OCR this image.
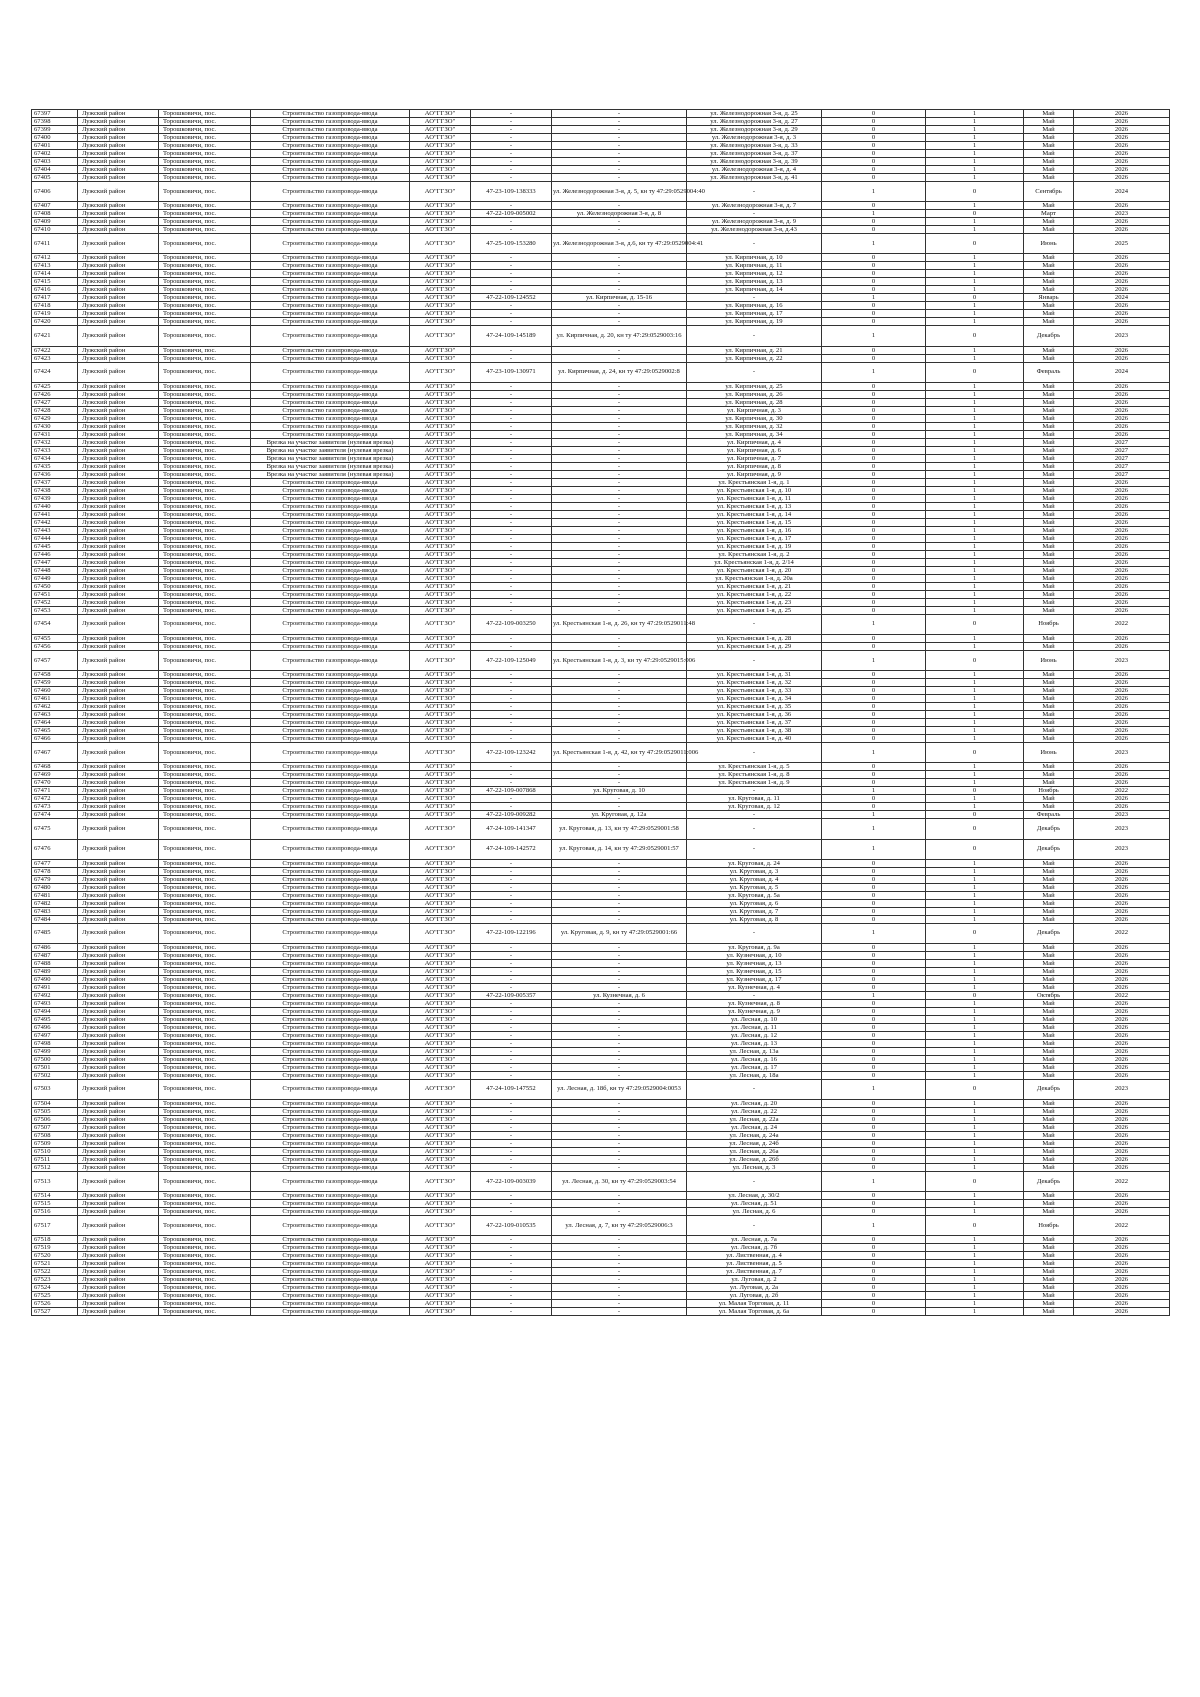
67397	Лужский район	Торошковичи, пос.	Строительство газопровода-ввода	АО"ГГЗО"	-	-	ул. Железнодорожная 3-я, д. 25	0	1	Май	2026
67398	Лужский район	Торошковичи, пос.	Строительство газопровода-ввода	АО"ГГЗО"	-	-	ул. Железнодорожная 3-я, д. 27	0	1	Май	2026
67399	Лужский район	Торошковичи, пос.	Строительство газопровода-ввода	АО"ГГЗО"	-	-	ул. Железнодорожная 3-я, д. 29	0	1	Май	2026
67400	Лужский район	Торошковичи, пос.	Строительство газопровода-ввода	АО"ГГЗО"	-	-	ул. Железнодорожная 3-я, д. 3	0	1	Май	2026
67401	Лужский район	Торошковичи, пос.	Строительство газопровода-ввода	АО"ГГЗО"	-	-	ул. Железнодорожная 3-я, д. 33	0	1	Май	2026
67402	Лужский район	Торошковичи, пос.	Строительство газопровода-ввода	АО"ГГЗО"	-	-	ул. Железнодорожная 3-я, д. 37	0	1	Май	2026
67403	Лужский район	Торошковичи, пос.	Строительство газопровода-ввода	АО"ГГЗО"	-	-	ул. Железнодорожная 3-я, д. 39	0	1	Май	2026
67404	Лужский район	Торошковичи, пос.	Строительство газопровода-ввода	АО"ГГЗО"	-	-	ул. Железнодорожная 3-я, д. 4	0	1	Май	2026
67405	Лужский район	Торошковичи, пос.	Строительство газопровода-ввода	АО"ГГЗО"	-	-	ул. Железнодорожная 3-я, д. 41	0	1	Май	2026
67406	Лужский район	Торошковичи, пос.	Строительство газопровода-ввода	АО"ГГЗО"	47-23-109-138333	ул. Железнодорожная 3-я, д. 5, кн ту 47:29:0529004:40	-	1	0	Сентябрь	2024
67407	Лужский район	Торошковичи, пос.	Строительство газопровода-ввода	АО"ГГЗО"	-	-	ул. Железнодорожная 3-я, д. 7	0	1	Май	2026
67408	Лужский район	Торошковичи, пос.	Строительство газопровода-ввода	АО"ГГЗО"	47-22-109-005002	ул. Железнодорожная 3-я, д. 8	-	1	0	Март	2023
67409	Лужский район	Торошковичи, пос.	Строительство газопровода-ввода	АО"ГГЗО"	-	-	ул. Железнодорожная 3-я, д. 9	0	1	Май	2026
67410	Лужский район	Торошковичи, пос.	Строительство газопровода-ввода	АО"ГГЗО"	-	-	ул. Железнодорожная 3-я, д.43	0	1	Май	2026
67411	Лужский район	Торошковичи, пос.	Строительство газопровода-ввода	АО"ГГЗО"	47-25-109-153280	ул. Железнодорожная 3-я, д.6, кн ту 47:29:0529004:41	-	1	0	Июнь	2025
67412	Лужский район	Торошковичи, пос.	Строительство газопровода-ввода	АО"ГГЗО"	-	-	ул. Кирпичная, д. 10	0	1	Май	2026
67413	Лужский район	Торошковичи, пос.	Строительство газопровода-ввода	АО"ГГЗО"	-	-	ул. Кирпичная, д. 11	0	1	Май	2026
67414	Лужский район	Торошковичи, пос.	Строительство газопровода-ввода	АО"ГГЗО"	-	-	ул. Кирпичная, д. 12	0	1	Май	2026
67415	Лужский район	Торошковичи, пос.	Строительство газопровода-ввода	АО"ГГЗО"	-	-	ул. Кирпичная, д. 13	0	1	Май	2026
67416	Лужский район	Торошковичи, пос.	Строительство газопровода-ввода	АО"ГГЗО"	-	-	ул. Кирпичная, д. 14	0	1	Май	2026
67417	Лужский район	Торошковичи, пос.	Строительство газопровода-ввода	АО"ГГЗО"	47-22-109-124552	ул. Кирпичная, д. 15-16	-	1	0	Январь	2024
67418	Лужский район	Торошковичи, пос.	Строительство газопровода-ввода	АО"ГГЗО"	-	-	ул. Кирпичная, д. 16	0	1	Май	2026
67419	Лужский район	Торошковичи, пос.	Строительство газопровода-ввода	АО"ГГЗО"	-	-	ул. Кирпичная, д. 17	0	1	Май	2026
67420	Лужский район	Торошковичи, пос.	Строительство газопровода-ввода	АО"ГГЗО"	-	-	ул. Кирпичная, д. 19	0	1	Май	2026
67421	Лужский район	Торошковичи, пос.	Строительство газопровода-ввода	АО"ГГЗО"	47-24-109-145189	ул. Кирпичная, д. 20, кн ту 47:29:0529003:16	-	1	0	Декабрь	2023
67422	Лужский район	Торошковичи, пос.	Строительство газопровода-ввода	АО"ГГЗО"	-	-	ул. Кирпичная, д. 21	0	1	Май	2026
67423	Лужский район	Торошковичи, пос.	Строительство газопровода-ввода	АО"ГГЗО"	-	-	ул. Кирпичная, д. 22	0	1	Май	2026
67424	Лужский район	Торошковичи, пос.	Строительство газопровода-ввода	АО"ГГЗО"	47-23-109-130971	ул. Кирпичная, д. 24, кн ту 47:29:0529002:8	-	1	0	Февраль	2024
67425	Лужский район	Торошковичи, пос.	Строительство газопровода-ввода	АО"ГГЗО"	-	-	ул. Кирпичная, д. 25	0	1	Май	2026
67426	Лужский район	Торошковичи, пос.	Строительство газопровода-ввода	АО"ГГЗО"	-	-	ул. Кирпичная, д. 26	0	1	Май	2026
67427	Лужский район	Торошковичи, пос.	Строительство газопровода-ввода	АО"ГГЗО"	-	-	ул. Кирпичная, д. 28	0	1	Май	2026
67428	Лужский район	Торошковичи, пос.	Строительство газопровода-ввода	АО"ГГЗО"	-	-	ул. Кирпичная, д. 3	0	1	Май	2026
67429	Лужский район	Торошковичи, пос.	Строительство газопровода-ввода	АО"ГГЗО"	-	-	ул. Кирпичная, д. 30	0	1	Май	2026
67430	Лужский район	Торошковичи, пос.	Строительство газопровода-ввода	АО"ГГЗО"	-	-	ул. Кирпичная, д. 32	0	1	Май	2026
67431	Лужский район	Торошковичи, пос.	Строительство газопровода-ввода	АО"ГГЗО"	-	-	ул. Кирпичная, д. 34	0	1	Май	2026
67432	Лужский район	Торошковичи, пос.	Врезка на участке заявителя (нулевая врезка)	АО"ГГЗО"	-	-	ул. Кирпичная, д. 4	0	1	Май	2027
67433	Лужский район	Торошковичи, пос.	Врезка на участке заявителя (нулевая врезка)	АО"ГГЗО"	-	-	ул. Кирпичная, д. 6	0	1	Май	2027
67434	Лужский район	Торошковичи, пос.	Врезка на участке заявителя (нулевая врезка)	АО"ГГЗО"	-	-	ул. Кирпичная, д. 7	0	1	Май	2027
67435	Лужский район	Торошковичи, пос.	Врезка на участке заявителя (нулевая врезка)	АО"ГГЗО"	-	-	ул. Кирпичная, д. 8	0	1	Май	2027
67436	Лужский район	Торошковичи, пос.	Врезка на участке заявителя (нулевая врезка)	АО"ГГЗО"	-	-	ул. Кирпичная, д. 9	0	1	Май	2027
67437	Лужский район	Торошковичи, пос.	Строительство газопровода-ввода	АО"ГГЗО"	-	-	ул. Крестьянская 1-я, д. 1	0	1	Май	2026
67438	Лужский район	Торошковичи, пос.	Строительство газопровода-ввода	АО"ГГЗО"	-	-	ул. Крестьянская 1-я, д. 10	0	1	Май	2026
67439	Лужский район	Торошковичи, пос.	Строительство газопровода-ввода	АО"ГГЗО"	-	-	ул. Крестьянская 1-я, д. 11	0	1	Май	2026
67440	Лужский район	Торошковичи, пос.	Строительство газопровода-ввода	АО"ГГЗО"	-	-	ул. Крестьянская 1-я, д. 13	0	1	Май	2026
67441	Лужский район	Торошковичи, пос.	Строительство газопровода-ввода	АО"ГГЗО"	-	-	ул. Крестьянская 1-я, д. 14	0	1	Май	2026
67442	Лужский район	Торошковичи, пос.	Строительство газопровода-ввода	АО"ГГЗО"	-	-	ул. Крестьянская 1-я, д. 15	0	1	Май	2026
67443	Лужский район	Торошковичи, пос.	Строительство газопровода-ввода	АО"ГГЗО"	-	-	ул. Крестьянская 1-я, д. 16	0	1	Май	2026
67444	Лужский район	Торошковичи, пос.	Строительство газопровода-ввода	АО"ГГЗО"	-	-	ул. Крестьянская 1-я, д. 17	0	1	Май	2026
67445	Лужский район	Торошковичи, пос.	Строительство газопровода-ввода	АО"ГГЗО"	-	-	ул. Крестьянская 1-я, д. 19	0	1	Май	2026
67446	Лужский район	Торошковичи, пос.	Строительство газопровода-ввода	АО"ГГЗО"	-	-	ул. Крестьянская 1-я, д. 2	0	1	Май	2026
67447	Лужский район	Торошковичи, пос.	Строительство газопровода-ввода	АО"ГГЗО"	-	-	ул. Крестьянская 1-я, д. 2/14	0	1	Май	2026
67448	Лужский район	Торошковичи, пос.	Строительство газопровода-ввода	АО"ГГЗО"	-	-	ул. Крестьянская 1-я, д. 20	0	1	Май	2026
67449	Лужский район	Торошковичи, пос.	Строительство газопровода-ввода	АО"ГГЗО"	-	-	ул. Крестьянская 1-я, д. 20а	0	1	Май	2026
67450	Лужский район	Торошковичи, пос.	Строительство газопровода-ввода	АО"ГГЗО"	-	-	ул. Крестьянская 1-я, д. 21	0	1	Май	2026
67451	Лужский район	Торошковичи, пос.	Строительство газопровода-ввода	АО"ГГЗО"	-	-	ул. Крестьянская 1-я, д. 22	0	1	Май	2026
67452	Лужский район	Торошковичи, пос.	Строительство газопровода-ввода	АО"ГГЗО"	-	-	ул. Крестьянская 1-я, д. 23	0	1	Май	2026
67453	Лужский район	Торошковичи, пос.	Строительство газопровода-ввода	АО"ГГЗО"	-	-	ул. Крестьянская 1-я, д. 25	0	1	Май	2026
67454	Лужский район	Торошковичи, пос.	Строительство газопровода-ввода	АО"ГГЗО"	47-22-109-003250	ул. Крестьянская 1-я, д. 26, кн ту 47:29:0529011:48	-	1	0	Ноябрь	2022
67455	Лужский район	Торошковичи, пос.	Строительство газопровода-ввода	АО"ГГЗО"	-	-	ул. Крестьянская 1-я, д. 28	0	1	Май	2026
67456	Лужский район	Торошковичи, пос.	Строительство газопровода-ввода	АО"ГГЗО"	-	-	ул. Крестьянская 1-я, д. 29	0	1	Май	2026
67457	Лужский район	Торошковичи, пос.	Строительство газопровода-ввода	АО"ГГЗО"	47-22-109-125049	ул. Крестьянская 1-я, д. 3, кн ту 47:29:0529015:006	-	1	0	Июнь	2023
67458	Лужский район	Торошковичи, пос.	Строительство газопровода-ввода	АО"ГГЗО"	-	-	ул. Крестьянская 1-я, д. 31	0	1	Май	2026
67459	Лужский район	Торошковичи, пос.	Строительство газопровода-ввода	АО"ГГЗО"	-	-	ул. Крестьянская 1-я, д. 32	0	1	Май	2026
67460	Лужский район	Торошковичи, пос.	Строительство газопровода-ввода	АО"ГГЗО"	-	-	ул. Крестьянская 1-я, д. 33	0	1	Май	2026
67461	Лужский район	Торошковичи, пос.	Строительство газопровода-ввода	АО"ГГЗО"	-	-	ул. Крестьянская 1-я, д. 34	0	1	Май	2026
67462	Лужский район	Торошковичи, пос.	Строительство газопровода-ввода	АО"ГГЗО"	-	-	ул. Крестьянская 1-я, д. 35	0	1	Май	2026
67463	Лужский район	Торошковичи, пос.	Строительство газопровода-ввода	АО"ГГЗО"	-	-	ул. Крестьянская 1-я, д. 36	0	1	Май	2026
67464	Лужский район	Торошковичи, пос.	Строительство газопровода-ввода	АО"ГГЗО"	-	-	ул. Крестьянская 1-я, д. 37	0	1	Май	2026
67465	Лужский район	Торошковичи, пос.	Строительство газопровода-ввода	АО"ГГЗО"	-	-	ул. Крестьянская 1-я, д. 38	0	1	Май	2026
67466	Лужский район	Торошковичи, пос.	Строительство газопровода-ввода	АО"ГГЗО"	-	-	ул. Крестьянская 1-я, д. 40	0	1	Май	2026
67467	Лужский район	Торошковичи, пос.	Строительство газопровода-ввода	АО"ГГЗО"	47-22-109-123242	ул. Крестьянская 1-я, д. 42, кн ту 47:29:0529011:006	-	1	0	Июнь	2023
67468	Лужский район	Торошковичи, пос.	Строительство газопровода-ввода	АО"ГГЗО"	-	-	ул. Крестьянская 1-я, д. 5	0	1	Май	2026
67469	Лужский район	Торошковичи, пос.	Строительство газопровода-ввода	АО"ГГЗО"	-	-	ул. Крестьянская 1-я, д. 8	0	1	Май	2026
67470	Лужский район	Торошковичи, пос.	Строительство газопровода-ввода	АО"ГГЗО"	-	-	ул. Крестьянская 1-я, д. 9	0	1	Май	2026
67471	Лужский район	Торошковичи, пос.	Строительство газопровода-ввода	АО"ГГЗО"	47-22-109-007868	ул. Круговая, д. 10	-	1	0	Ноябрь	2022
67472	Лужский район	Торошковичи, пос.	Строительство газопровода-ввода	АО"ГГЗО"	-	-	ул. Круговая, д. 11	0	1	Май	2026
67473	Лужский район	Торошковичи, пос.	Строительство газопровода-ввода	АО"ГГЗО"	-	-	ул. Круговая, д. 12	0	1	Май	2026
67474	Лужский район	Торошковичи, пос.	Строительство газопровода-ввода	АО"ГГЗО"	47-22-109-009282	ул. Круговая, д. 12а	-	1	0	Февраль	2023
67475	Лужский район	Торошковичи, пос.	Строительство газопровода-ввода	АО"ГГЗО"	47-24-109-141347	ул. Круговая, д. 13, кн ту 47:29:0529001:58	-	1	0	Декабрь	2023
67476	Лужский район	Торошковичи, пос.	Строительство газопровода-ввода	АО"ГГЗО"	47-24-109-142572	ул. Круговая, д. 14, кн ту 47:29:0529001:57	-	1	0	Декабрь	2023
67477	Лужский район	Торошковичи, пос.	Строительство газопровода-ввода	АО"ГГЗО"	-	-	ул. Круговая, д. 24	0	1	Май	2026
67478	Лужский район	Торошковичи, пос.	Строительство газопровода-ввода	АО"ГГЗО"	-	-	ул. Круговая, д. 3	0	1	Май	2026
67479	Лужский район	Торошковичи, пос.	Строительство газопровода-ввода	АО"ГГЗО"	-	-	ул. Круговая, д. 4	0	1	Май	2026
67480	Лужский район	Торошковичи, пос.	Строительство газопровода-ввода	АО"ГГЗО"	-	-	ул. Круговая, д. 5	0	1	Май	2026
67481	Лужский район	Торошковичи, пос.	Строительство газопровода-ввода	АО"ГГЗО"	-	-	ул. Круговая, д. 5а	0	1	Май	2026
67482	Лужский район	Торошковичи, пос.	Строительство газопровода-ввода	АО"ГГЗО"	-	-	ул. Круговая, д. 6	0	1	Май	2026
67483	Лужский район	Торошковичи, пос.	Строительство газопровода-ввода	АО"ГГЗО"	-	-	ул. Круговая, д. 7	0	1	Май	2026
67484	Лужский район	Торошковичи, пос.	Строительство газопровода-ввода	АО"ГГЗО"	-	-	ул. Круговая, д. 8	0	1	Май	2026
67485	Лужский район	Торошковичи, пос.	Строительство газопровода-ввода	АО"ГГЗО"	47-22-109-122196	ул. Круговая, д. 9, кн ту 47:29:0529001:66	-	1	0	Декабрь	2022
67486	Лужский район	Торошковичи, пос.	Строительство газопровода-ввода	АО"ГГЗО"	-	-	ул. Круговая, д. 9а	0	1	Май	2026
67487	Лужский район	Торошковичи, пос.	Строительство газопровода-ввода	АО"ГГЗО"	-	-	ул. Кузнечная, д. 10	0	1	Май	2026
67488	Лужский район	Торошковичи, пос.	Строительство газопровода-ввода	АО"ГГЗО"	-	-	ул. Кузнечная, д. 13	0	1	Май	2026
67489	Лужский район	Торошковичи, пос.	Строительство газопровода-ввода	АО"ГГЗО"	-	-	ул. Кузнечная, д. 15	0	1	Май	2026
67490	Лужский район	Торошковичи, пос.	Строительство газопровода-ввода	АО"ГГЗО"	-	-	ул. Кузнечная, д. 17	0	1	Май	2026
67491	Лужский район	Торошковичи, пос.	Строительство газопровода-ввода	АО"ГГЗО"	-	-	ул. Кузнечная, д. 4	0	1	Май	2026
67492	Лужский район	Торошковичи, пос.	Строительство газопровода-ввода	АО"ГГЗО"	47-22-109-005357	ул. Кузнечная, д. 6	-	1	0	Октябрь	2022
67493	Лужский район	Торошковичи, пос.	Строительство газопровода-ввода	АО"ГГЗО"	-	-	ул. Кузнечная, д. 8	0	1	Май	2026
67494	Лужский район	Торошковичи, пос.	Строительство газопровода-ввода	АО"ГГЗО"	-	-	ул. Кузнечная, д. 9	0	1	Май	2026
67495	Лужский район	Торошковичи, пос.	Строительство газопровода-ввода	АО"ГГЗО"	-	-	ул. Лесная, д. 10	0	1	Май	2026
67496	Лужский район	Торошковичи, пос.	Строительство газопровода-ввода	АО"ГГЗО"	-	-	ул. Лесная, д. 11	0	1	Май	2026
67497	Лужский район	Торошковичи, пос.	Строительство газопровода-ввода	АО"ГГЗО"	-	-	ул. Лесная, д. 12	0	1	Май	2026
67498	Лужский район	Торошковичи, пос.	Строительство газопровода-ввода	АО"ГГЗО"	-	-	ул. Лесная, д. 13	0	1	Май	2026
67499	Лужский район	Торошковичи, пос.	Строительство газопровода-ввода	АО"ГГЗО"	-	-	ул. Лесная, д. 13а	0	1	Май	2026
67500	Лужский район	Торошковичи, пос.	Строительство газопровода-ввода	АО"ГГЗО"	-	-	ул. Лесная, д. 16	0	1	Май	2026
67501	Лужский район	Торошковичи, пос.	Строительство газопровода-ввода	АО"ГГЗО"	-	-	ул. Лесная, д. 17	0	1	Май	2026
67502	Лужский район	Торошковичи, пос.	Строительство газопровода-ввода	АО"ГГЗО"	-	-	ул. Лесная, д. 18а	0	1	Май	2026
67503	Лужский район	Торошковичи, пос.	Строительство газопровода-ввода	АО"ГГЗО"	47-24-109-147552	ул. Лесная, д. 18б, кн ту 47:29:0529004:0053	-	1	0	Декабрь	2023
67504	Лужский район	Торошковичи, пос.	Строительство газопровода-ввода	АО"ГГЗО"	-	-	ул. Лесная, д. 20	0	1	Май	2026
67505	Лужский район	Торошковичи, пос.	Строительство газопровода-ввода	АО"ГГЗО"	-	-	ул. Лесная, д. 22	0	1	Май	2026
67506	Лужский район	Торошковичи, пос.	Строительство газопровода-ввода	АО"ГГЗО"	-	-	ул. Лесная, д. 22а	0	1	Май	2026
67507	Лужский район	Торошковичи, пос.	Строительство газопровода-ввода	АО"ГГЗО"	-	-	ул. Лесная, д. 24	0	1	Май	2026
67508	Лужский район	Торошковичи, пос.	Строительство газопровода-ввода	АО"ГГЗО"	-	-	ул. Лесная, д. 24а	0	1	Май	2026
67509	Лужский район	Торошковичи, пос.	Строительство газопровода-ввода	АО"ГГЗО"	-	-	ул. Лесная, д. 24б	0	1	Май	2026
67510	Лужский район	Торошковичи, пос.	Строительство газопровода-ввода	АО"ГГЗО"	-	-	ул. Лесная, д. 26а	0	1	Май	2026
67511	Лужский район	Торошковичи, пос.	Строительство газопровода-ввода	АО"ГГЗО"	-	-	ул. Лесная, д. 26б	0	1	Май	2026
67512	Лужский район	Торошковичи, пос.	Строительство газопровода-ввода	АО"ГГЗО"	-	-	ул. Лесная, д. 3	0	1	Май	2026
67513	Лужский район	Торошковичи, пос.	Строительство газопровода-ввода	АО"ГГЗО"	47-22-109-003039	ул. Лесная, д. 30, кн ту 47:29:0529003:54	-	1	0	Декабрь	2022
67514	Лужский район	Торошковичи, пос.	Строительство газопровода-ввода	АО"ГГЗО"	-	-	ул. Лесная, д. 30/2	0	1	Май	2026
67515	Лужский район	Торошковичи, пос.	Строительство газопровода-ввода	АО"ГГЗО"	-	-	ул. Лесная, д. 51	0	1	Май	2026
67516	Лужский район	Торошковичи, пос.	Строительство газопровода-ввода	АО"ГГЗО"	-	-	ул. Лесная, д. 6	0	1	Май	2026
67517	Лужский район	Торошковичи, пос.	Строительство газопровода-ввода	АО"ГГЗО"	47-22-109-010535	ул. Лесная, д. 7, кн ту 47:29:0529006:3	-	1	0	Ноябрь	2022
67518	Лужский район	Торошковичи, пос.	Строительство газопровода-ввода	АО"ГГЗО"	-	-	ул. Лесная, д. 7а	0	1	Май	2026
67519	Лужский район	Торошковичи, пос.	Строительство газопровода-ввода	АО"ГГЗО"	-	-	ул. Лесная, д. 7б	0	1	Май	2026
67520	Лужский район	Торошковичи, пос.	Строительство газопровода-ввода	АО"ГГЗО"	-	-	ул. Лиственная, д. 4	0	1	Май	2026
67521	Лужский район	Торошковичи, пос.	Строительство газопровода-ввода	АО"ГГЗО"	-	-	ул. Лиственная, д. 5	0	1	Май	2026
67522	Лужский район	Торошковичи, пос.	Строительство газопровода-ввода	АО"ГГЗО"	-	-	ул. Лиственная, д. 7	0	1	Май	2026
67523	Лужский район	Торошковичи, пос.	Строительство газопровода-ввода	АО"ГГЗО"	-	-	ул. Луговая, д. 2	0	1	Май	2026
67524	Лужский район	Торошковичи, пос.	Строительство газопровода-ввода	АО"ГГЗО"	-	-	ул. Луговая, д. 2а	0	1	Май	2026
67525	Лужский район	Торошковичи, пос.	Строительство газопровода-ввода	АО"ГГЗО"	-	-	ул. Луговая, д. 2б	0	1	Май	2026
67526	Лужский район	Торошковичи, пос.	Строительство газопровода-ввода	АО"ГГЗО"	-	-	ул. Малая Торговая, д. 11	0	1	Май	2026
67527	Лужский район	Торошковичи, пос.	Строительство газопровода-ввода	АО"ГГЗО"	-	-	ул. Малая Торговая, д. 6а	0	1	Май	2026
